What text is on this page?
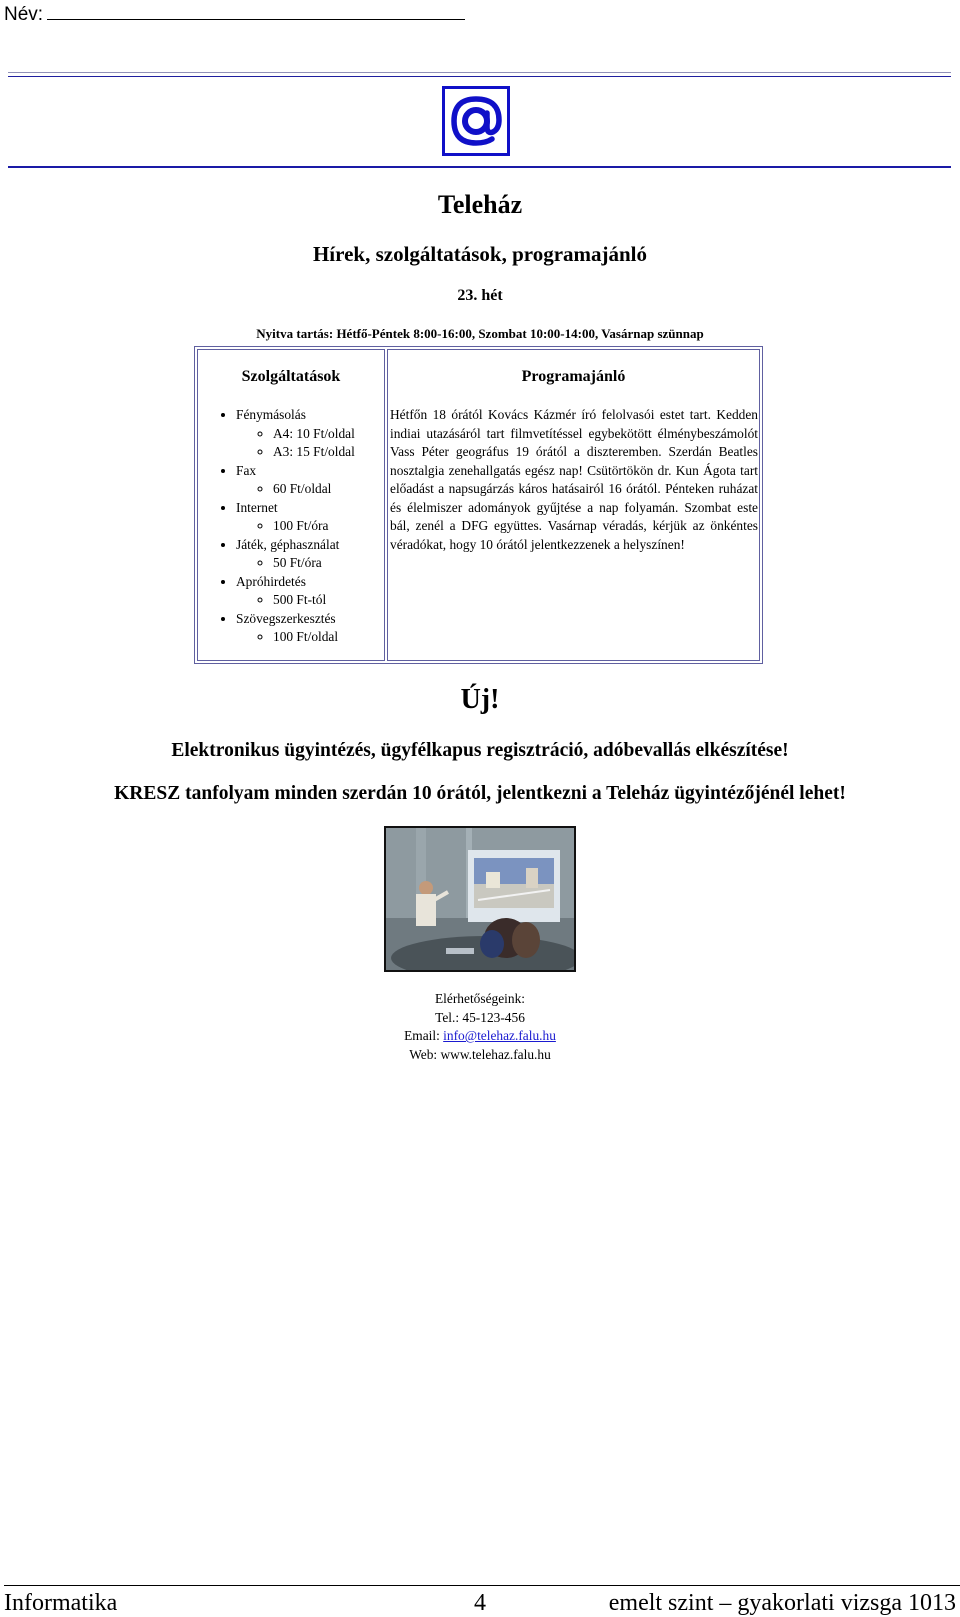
Név:
Teleház
Hírek, szolgáltatások, programajánló
23. hét
Nyitva tartás: Hétfő-Péntek 8:00-16:00, Szombat 10:00-14:00, Vasárnap szünnap
Szolgáltatások
• Fénymásolás
◦ A4: 10 Ft/oldal
◦ A3: 15 Ft/oldal
• Fax
◦ 60 Ft/oldal
• Internet
◦ 100 Ft/óra
• Játék, géphasználat
◦ 50 Ft/óra
• Apróhirdetés
◦ 500 Ft-tól
• Szövegszerkesztés
◦ 100 Ft/oldal
Programajánló

Hétfőn 18 órától Kovács Kázmér író felolvasói estet tart. Kedden indiai utazásáról tart filmvetítéssel egybekötött élménybeszámolót Vass Péter geográfus 19 órától a diszteremben. Szerdán Beatles nosztalgia zenehallgatás egész nap! Csütörtökön dr. Kun Ágota tart előadást a napsugárzás káros hatásairól 16 órától. Pénteken ruházat és élelmiszer adományok gyűjtése a nap folyamán. Szombat este bál, zenél a DFG együttes. Vasárnap véradás, kérjük az önkéntes véradókat, hogy 10 órától jelentkezzenek a helyszínen!

Új!
Elektronikus ügyintézés, ügyfélkapus regisztráció, adóbevallás elkészítése!
KRESZ tanfolyam minden szerdán 10 órától, jelentkezni a Teleház ügyintézőjénél lehet!
Elérhetőségeink:
Tel.: 45-123-456
Email: info@telehaz.falu.hu
Web: www.telehaz.falu.hu
Informatika	4	emelt szint – gyakorlati vizsga 1013
